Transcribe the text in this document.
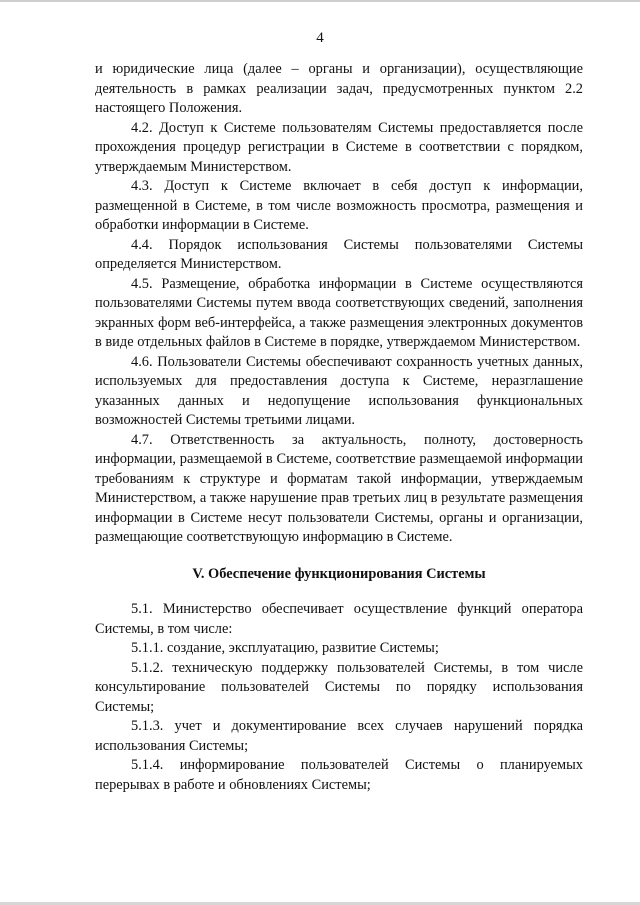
4

и юридические лица (далее – органы и организации), осуществляющие деятельность в рамках реализации задач, предусмотренных пунктом 2.2 настоящего Положения.

4.2. Доступ к Системе пользователям Системы предоставляется после прохождения процедур регистрации в Системе в соответствии с порядком, утверждаемым Министерством.

4.3. Доступ к Системе включает в себя доступ к информации, размещенной в Системе, в том числе возможность просмотра, размещения и обработки информации в Системе.

4.4. Порядок использования Системы пользователями Системы определяется Министерством.

4.5. Размещение, обработка информации в Системе осуществляются пользователями Системы путем ввода соответствующих сведений, заполнения экранных форм веб-интерфейса, а также размещения электронных документов в виде отдельных файлов в Системе в порядке, утверждаемом Министерством.

4.6. Пользователи Системы обеспечивают сохранность учетных данных, используемых для предоставления доступа к Системе, неразглашение указанных данных и недопущение использования функциональных возможностей Системы третьими лицами.

4.7. Ответственность за актуальность, полноту, достоверность информации, размещаемой в Системе, соответствие размещаемой информации требованиям к структуре и форматам такой информации, утверждаемым Министерством, а также нарушение прав третьих лиц в результате размещения информации в Системе несут пользователи Системы, органы и организации, размещающие соответствующую информацию в Системе.

V. Обеспечение функционирования Системы

5.1. Министерство обеспечивает осуществление функций оператора Системы, в том числе:

5.1.1. создание, эксплуатацию, развитие Системы;

5.1.2. техническую поддержку пользователей Системы, в том числе консультирование пользователей Системы по порядку использования Системы;

5.1.3. учет и документирование всех случаев нарушений порядка использования Системы;

5.1.4. информирование пользователей Системы о планируемых перерывах в работе и обновлениях Системы;
